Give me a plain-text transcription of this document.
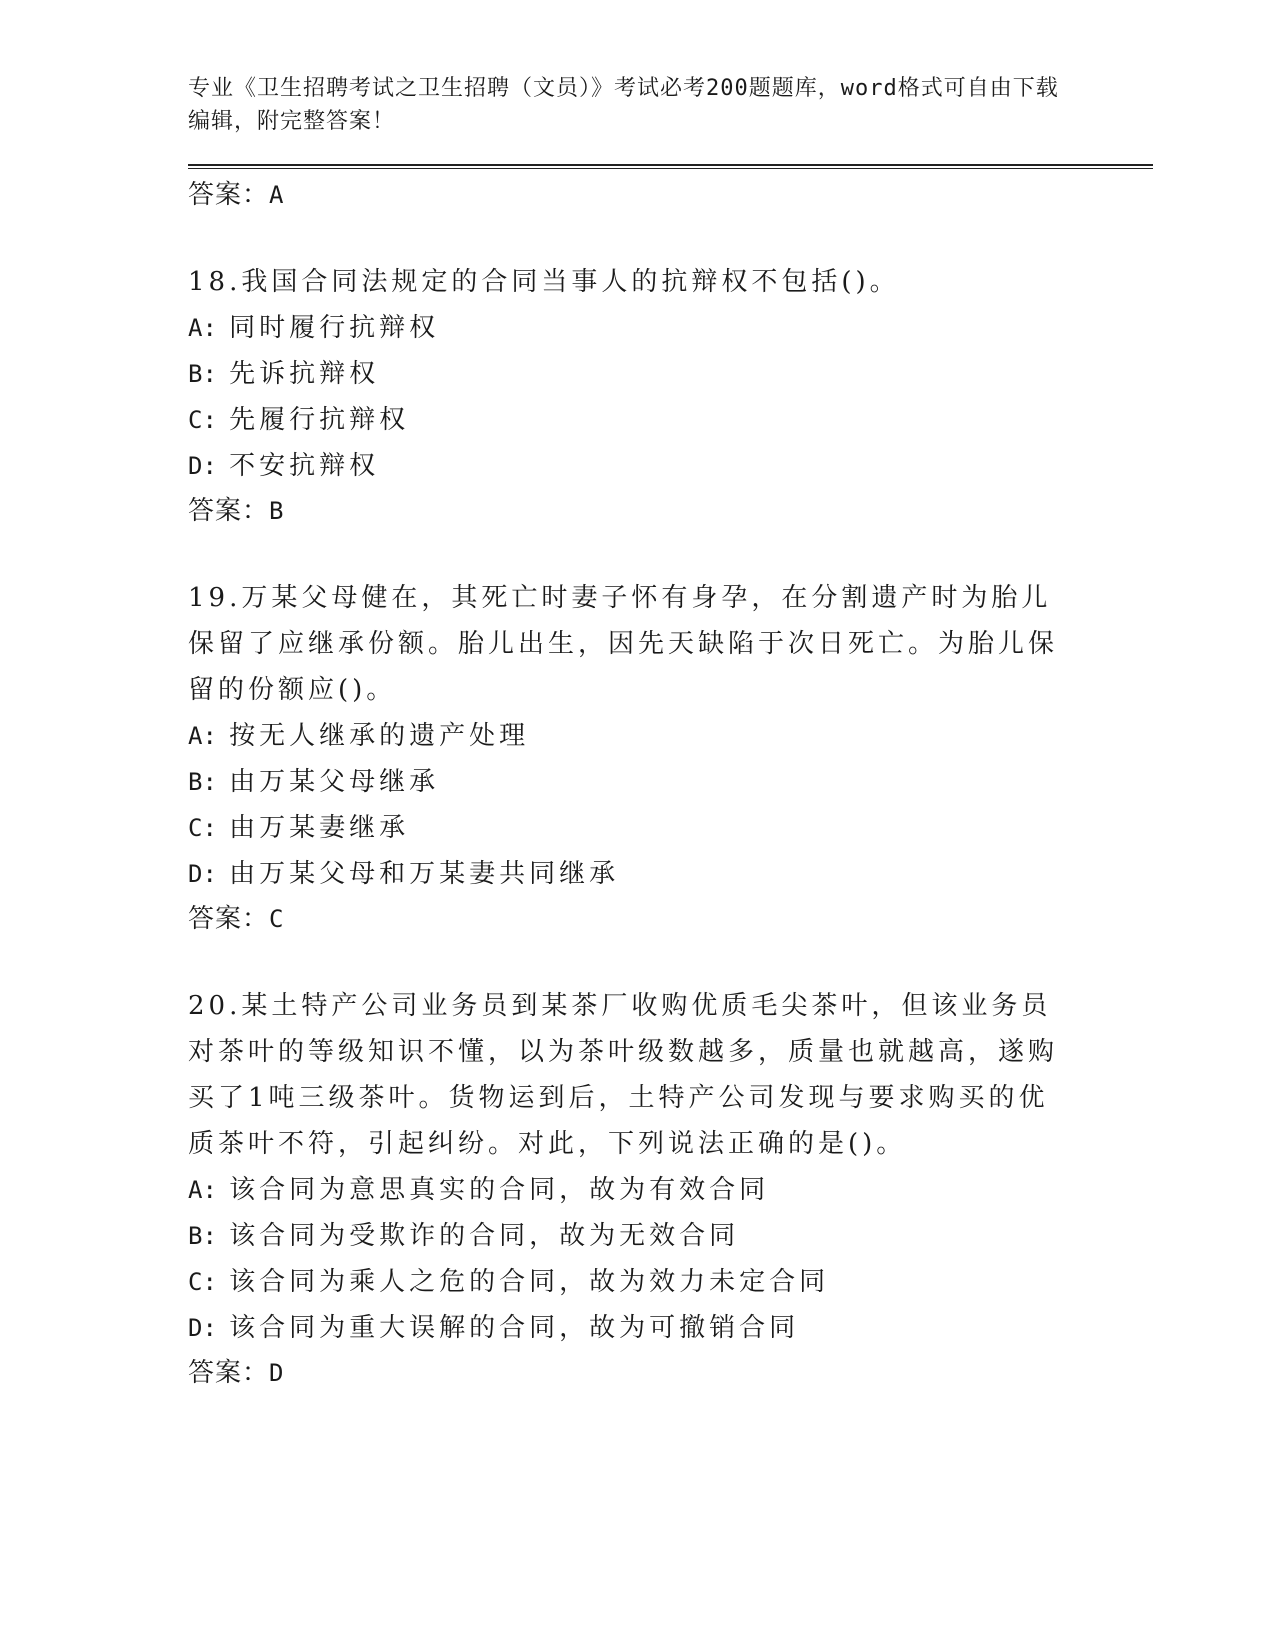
专业《卫生招聘考试之卫生招聘（文员）》考试必考200题题库，word格式可自由下载编辑，附完整答案！
答案：A
18.我国合同法规定的合同当事人的抗辩权不包括()。
A: 同时履行抗辩权
B: 先诉抗辩权
C: 先履行抗辩权
D: 不安抗辩权
答案：B
19.万某父母健在，其死亡时妻子怀有身孕，在分割遗产时为胎儿保留了应继承份额。胎儿出生，因先天缺陷于次日死亡。为胎儿保留的份额应()。
A: 按无人继承的遗产处理
B: 由万某父母继承
C: 由万某妻继承
D: 由万某父母和万某妻共同继承
答案：C
20.某土特产公司业务员到某茶厂收购优质毛尖茶叶，但该业务员对茶叶的等级知识不懂，以为茶叶级数越多，质量也就越高，遂购买了1吨三级茶叶。货物运到后，土特产公司发现与要求购买的优质茶叶不符，引起纠纷。对此，下列说法正确的是()。
A: 该合同为意思真实的合同，故为有效合同
B: 该合同为受欺诈的合同，故为无效合同
C: 该合同为乘人之危的合同，故为效力未定合同
D: 该合同为重大误解的合同，故为可撤销合同
答案：D
